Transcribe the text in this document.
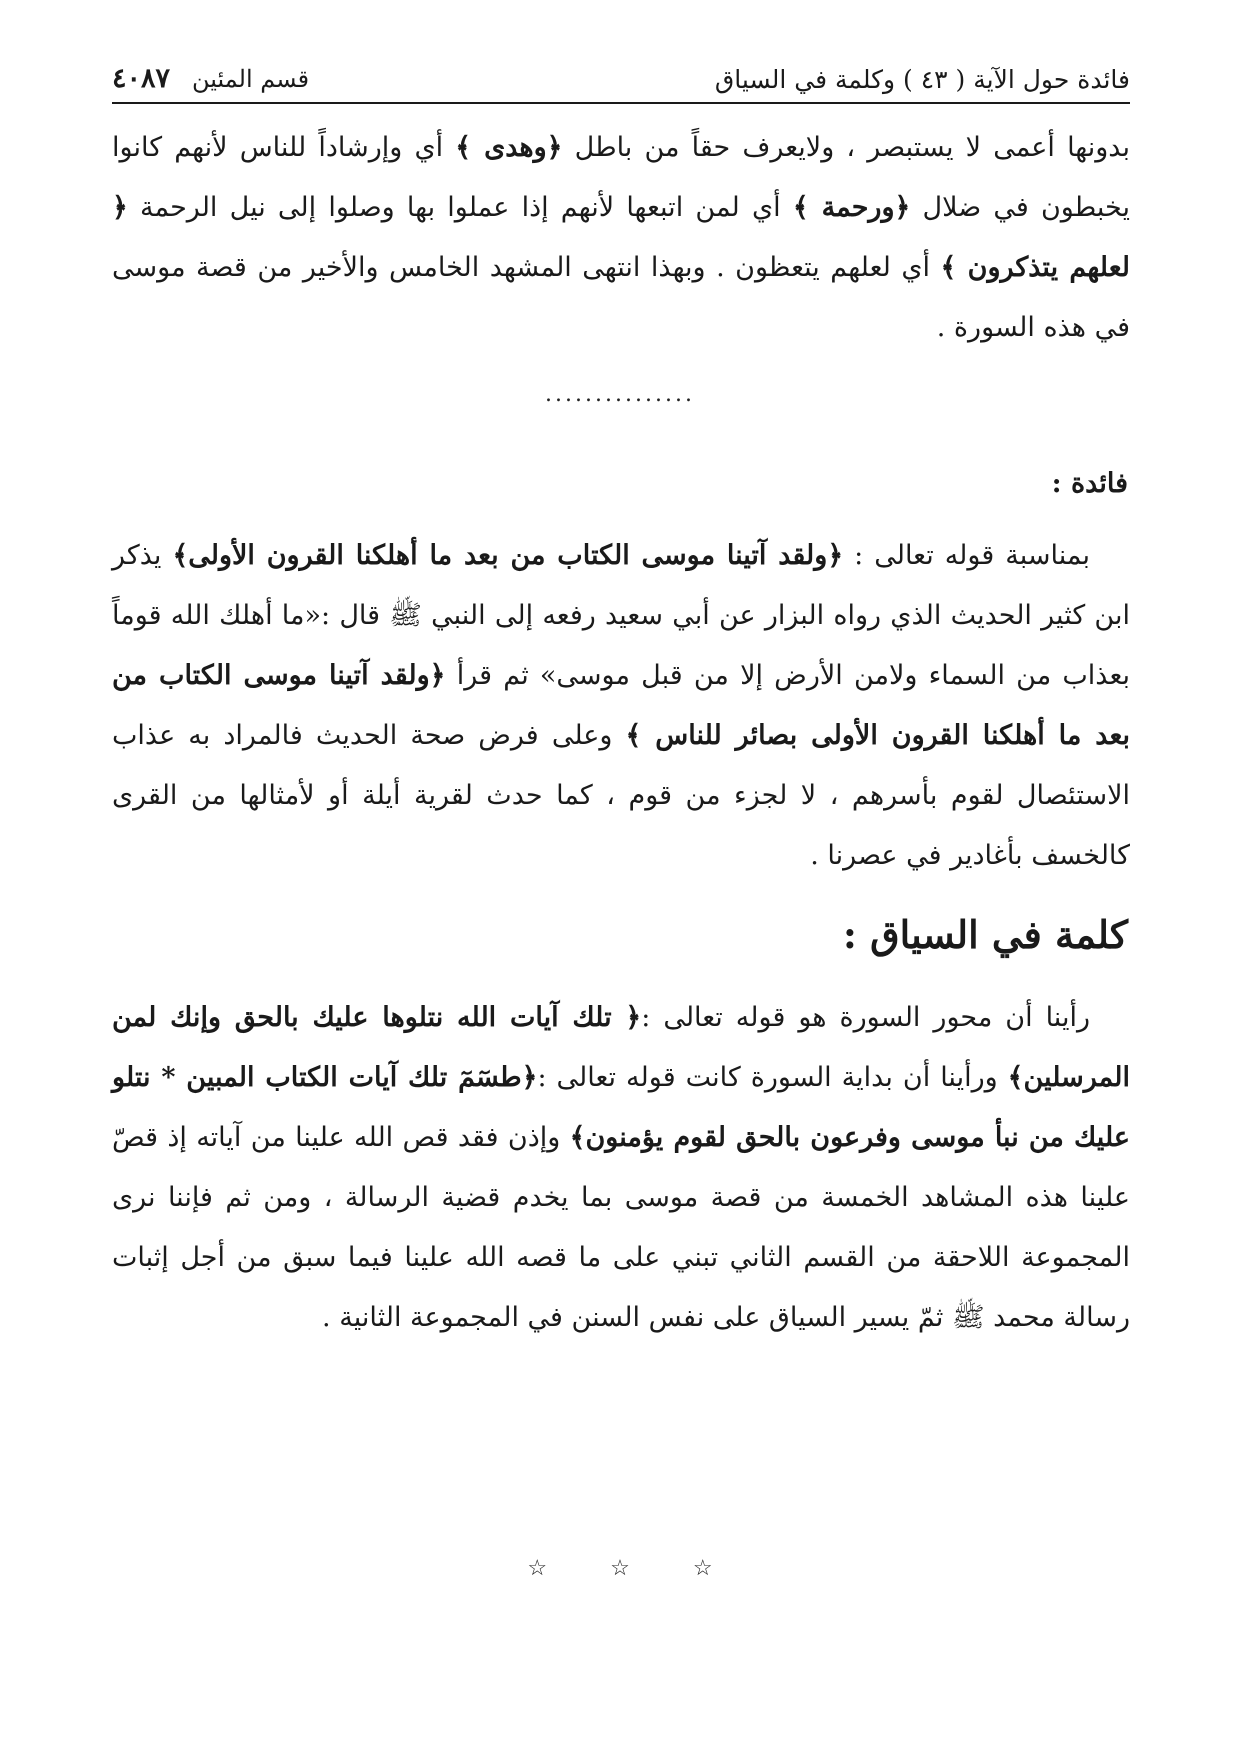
فائدة حول الآية ( ٤٣ ) وكلمة في السياق
قسم المئين
٤٠٨٧

بدونها أعمى لا يستبصر ، ولايعرف حقاً من باطل ﴿وهدى ﴾ أي وإرشاداً للناس لأنهم كانوا يخبطون في ضلال ﴿ورحمة ﴾ أي لمن اتبعها لأنهم إذا عملوا بها وصلوا إلى نيل الرحمة ﴿ لعلهم يتذكرون ﴾ أي لعلهم يتعظون . وبهذا انتهى المشهد الخامس والأخير من قصة موسى في هذه السورة .

...............
فائدة :

بمناسبة قوله تعالى : ﴿ولقد آتينا موسى الكتاب من بعد ما أهلكنا القرون الأولى﴾ يذكر ابن كثير الحديث الذي رواه البزار عن أبي سعيد رفعه إلى النبي ﷺ قال :«ما أهلك الله قوماً بعذاب من السماء ولامن الأرض إلا من قبل موسى» ثم قرأ ﴿ولقد آتينا موسى الكتاب من بعد ما أهلكنا القرون الأولى بصائر للناس ﴾ وعلى فرض صحة الحديث فالمراد به عذاب الاستئصال لقوم بأسرهم ، لا لجزء من قوم ، كما حدث لقرية أيلة أو لأمثالها من القرى كالخسف بأغادير في عصرنا .

كلمة في السياق :

رأينا أن محور السورة هو قوله تعالى :﴿ تلك آيات الله نتلوها عليك بالحق وإنك لمن المرسلين﴾ ورأينا أن بداية السورة كانت قوله تعالى :﴿طسٓمٓ تلك آيات الكتاب المبين * نتلو عليك من نبأ موسى وفرعون بالحق لقوم يؤمنون﴾ وإذن فقد قص الله علينا من آياته إذ قصّ علينا هذه المشاهد الخمسة من قصة موسى بما يخدم قضية الرسالة ، ومن ثم فإننا نرى المجموعة اللاحقة من القسم الثاني تبني على ما قصه الله علينا فيما سبق من أجل إثبات رسالة محمد ﷺ ثمّ يسير السياق على نفس السنن في المجموعة الثانية .

☆	☆	☆
